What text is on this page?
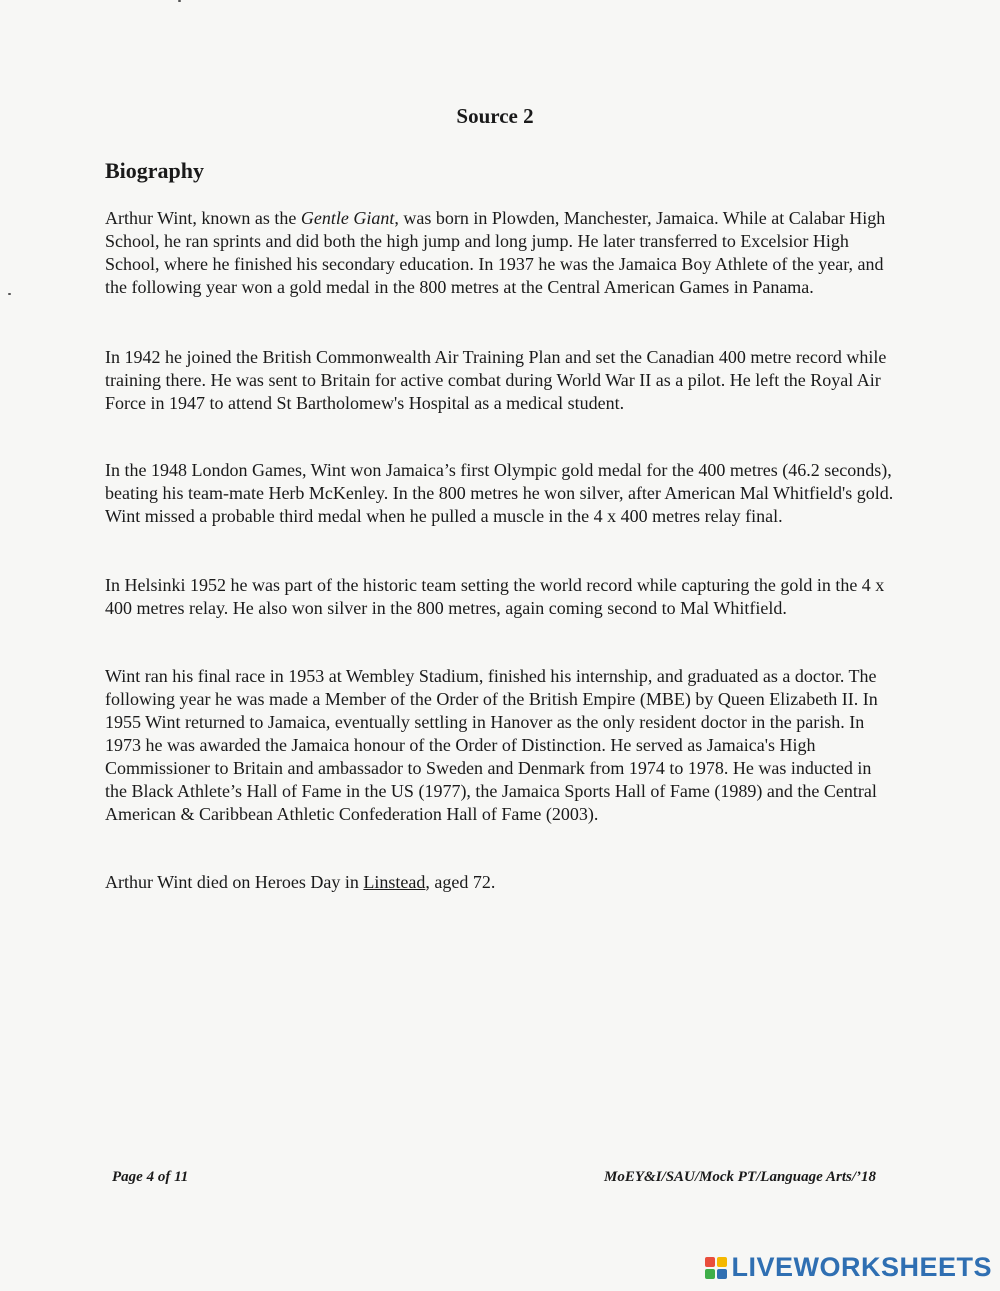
Source 2
Biography

Arthur Wint, known as the Gentle Giant, was born in Plowden, Manchester, Jamaica. While at Calabar High School, he ran sprints and did both the high jump and long jump. He later transferred to Excelsior High School, where he finished his secondary education. In 1937 he was the Jamaica Boy Athlete of the year, and the following year won a gold medal in the 800 metres at the Central American Games in Panama.

In 1942 he joined the British Commonwealth Air Training Plan and set the Canadian 400 metre record while training there. He was sent to Britain for active combat during World War II as a pilot. He left the Royal Air Force in 1947 to attend St Bartholomew's Hospital as a medical student.

In the 1948 London Games, Wint won Jamaica’s first Olympic gold medal for the 400 metres (46.2 seconds), beating his team-mate Herb McKenley. In the 800 metres he won silver, after American Mal Whitfield's gold. Wint missed a probable third medal when he pulled a muscle in the 4 x 400 metres relay final.

In Helsinki 1952 he was part of the historic team setting the world record while capturing the gold in the 4 x 400 metres relay. He also won silver in the 800 metres, again coming second to Mal Whitfield.

Wint ran his final race in 1953 at Wembley Stadium, finished his internship, and graduated as a doctor. The following year he was made a Member of the Order of the British Empire (MBE) by Queen Elizabeth II. In 1955 Wint returned to Jamaica, eventually settling in Hanover as the only resident doctor in the parish. In 1973 he was awarded the Jamaica honour of the Order of Distinction. He served as Jamaica's High Commissioner to Britain and ambassador to Sweden and Denmark from 1974 to 1978. He was inducted in the Black Athlete’s Hall of Fame in the US (1977), the Jamaica Sports Hall of Fame (1989) and the Central American & Caribbean Athletic Confederation Hall of Fame (2003).

Arthur Wint died on Heroes Day in Linstead, aged 72.

Page 4 of 11	MoEY&I/SAU/Mock PT/Language Arts/’18
LIVEWORKSHEETS
